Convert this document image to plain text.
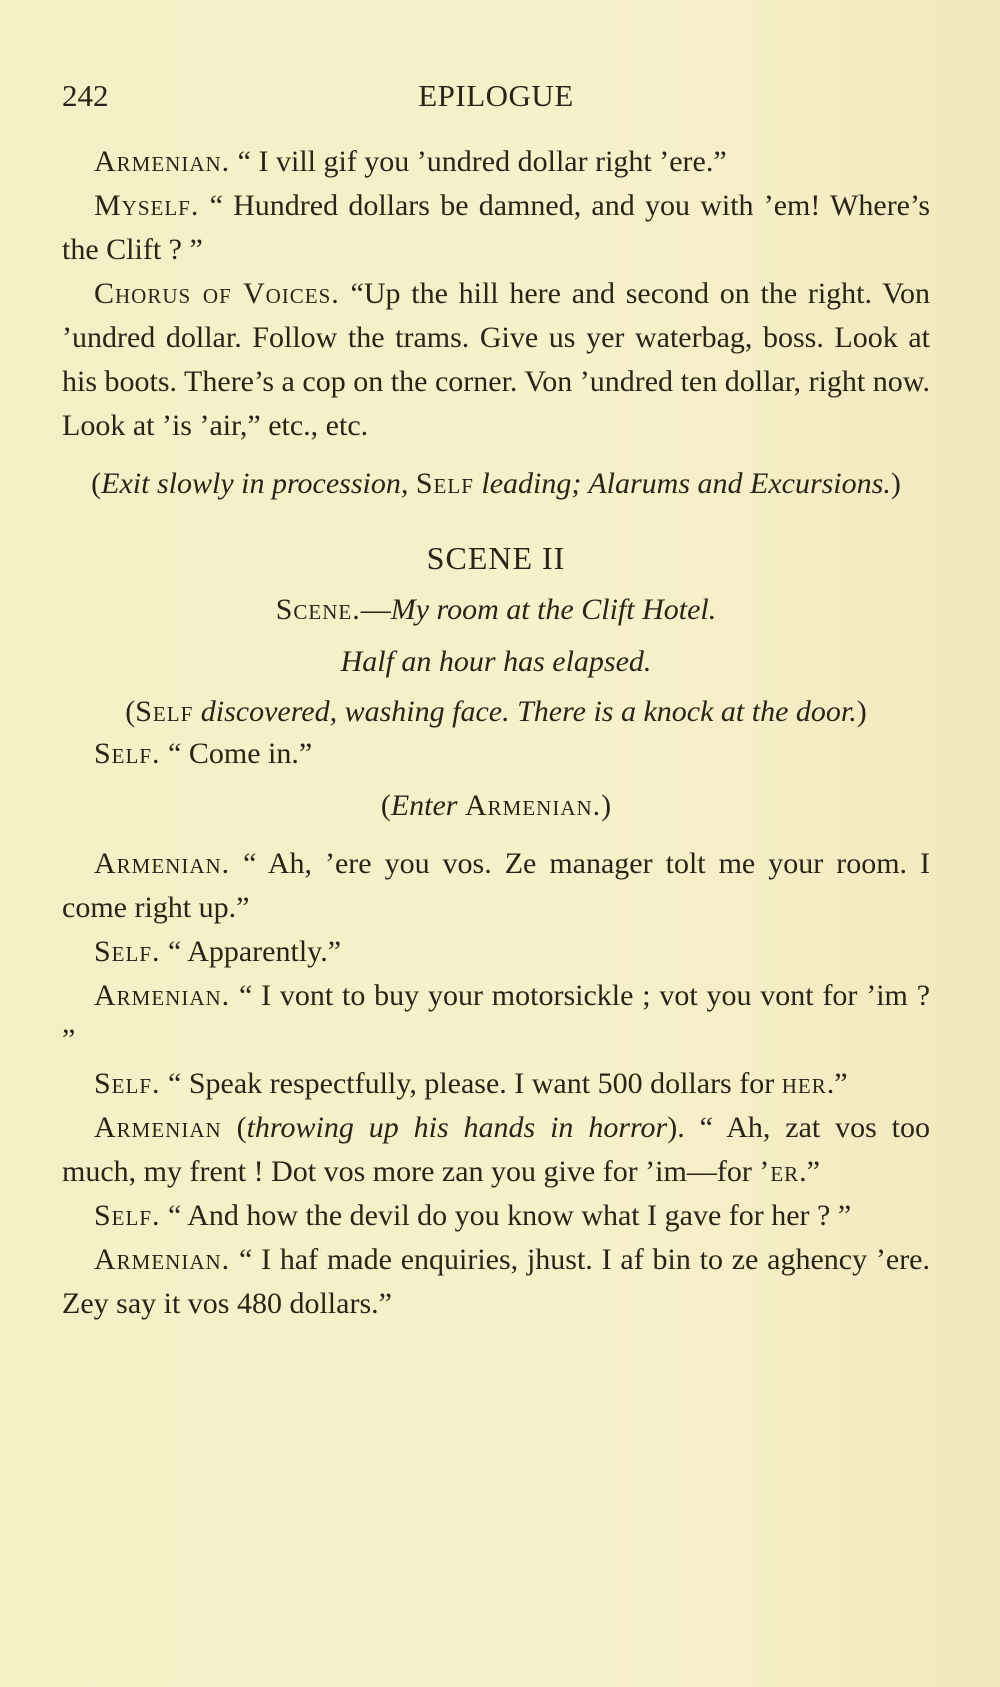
242	EPILOGUE

Armenian. “ I vill gif you ’undred dollar right ’ere.”

Myself. “ Hundred dollars be damned, and you with ’em! Where’s the Clift ? ”

Chorus of Voices. “Up the hill here and second on the right. Von ’undred dollar. Follow the trams. Give us yer waterbag, boss. Look at his boots. There’s a cop on the corner. Von ’undred ten dollar, right now. Look at ’is ’air,” etc., etc.

(Exit slowly in procession, Self leading; Alarums and Excursions.)

SCENE II

Scene.—My room at the Clift Hotel.

Half an hour has elapsed.

(Self discovered, washing face. There is a knock at the door.)

Self. “ Come in.”

(Enter Armenian.)

Armenian. “ Ah, ’ere you vos. Ze manager tolt me your room. I come right up.”

Self. “ Apparently.”

Armenian. “ I vont to buy your motorsickle ; vot you vont for ’im ? ”

Self. “ Speak respectfully, please. I want 500 dollars for her.”

Armenian (throwing up his hands in horror). “ Ah, zat vos too much, my frent ! Dot vos more zan you give for ’im—for ’er.”

Self. “ And how the devil do you know what I gave for her ? ”

Armenian. “ I haf made enquiries, jhust. I af bin to ze aghency ’ere. Zey say it vos 480 dollars.”
